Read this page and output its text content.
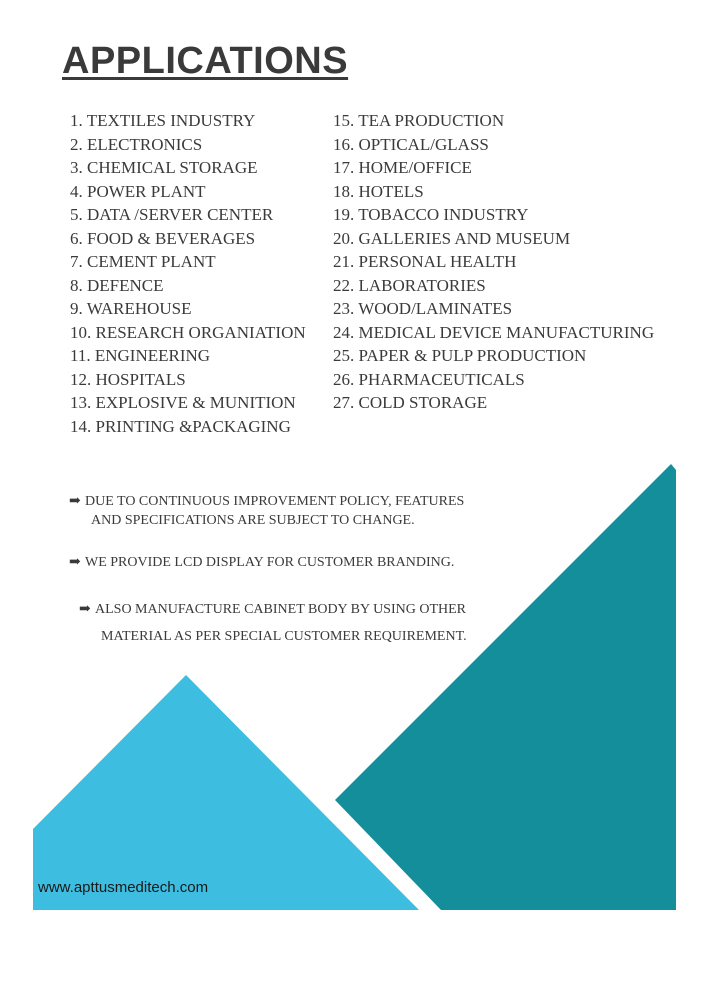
APPLICATIONS
1. TEXTILES INDUSTRY
2. ELECTRONICS
3. CHEMICAL STORAGE
4. POWER PLANT
5. DATA /SERVER CENTER
6. FOOD & BEVERAGES
7. CEMENT PLANT
8. DEFENCE
9. WAREHOUSE
10. RESEARCH ORGANIATION
11. ENGINEERING
12. HOSPITALS
13. EXPLOSIVE & MUNITION
14. PRINTING &PACKAGING
15. TEA PRODUCTION
16. OPTICAL/GLASS
17. HOME/OFFICE
18. HOTELS
19. TOBACCO INDUSTRY
20. GALLERIES AND MUSEUM
21. PERSONAL HEALTH
22. LABORATORIES
23. WOOD/LAMINATES
24. MEDICAL DEVICE MANUFACTURING
25. PAPER & PULP PRODUCTION
26. PHARMACEUTICALS
27. COLD STORAGE
➡ DUE TO CONTINUOUS IMPROVEMENT POLICY, FEATURES
AND SPECIFICATIONS ARE SUBJECT TO CHANGE.
➡ WE PROVIDE LCD DISPLAY FOR CUSTOMER BRANDING.
➡ ALSO MANUFACTURE CABINET BODY BY USING OTHER
MATERIAL AS PER SPECIAL CUSTOMER REQUIREMENT.
www.apttusmeditech.com
